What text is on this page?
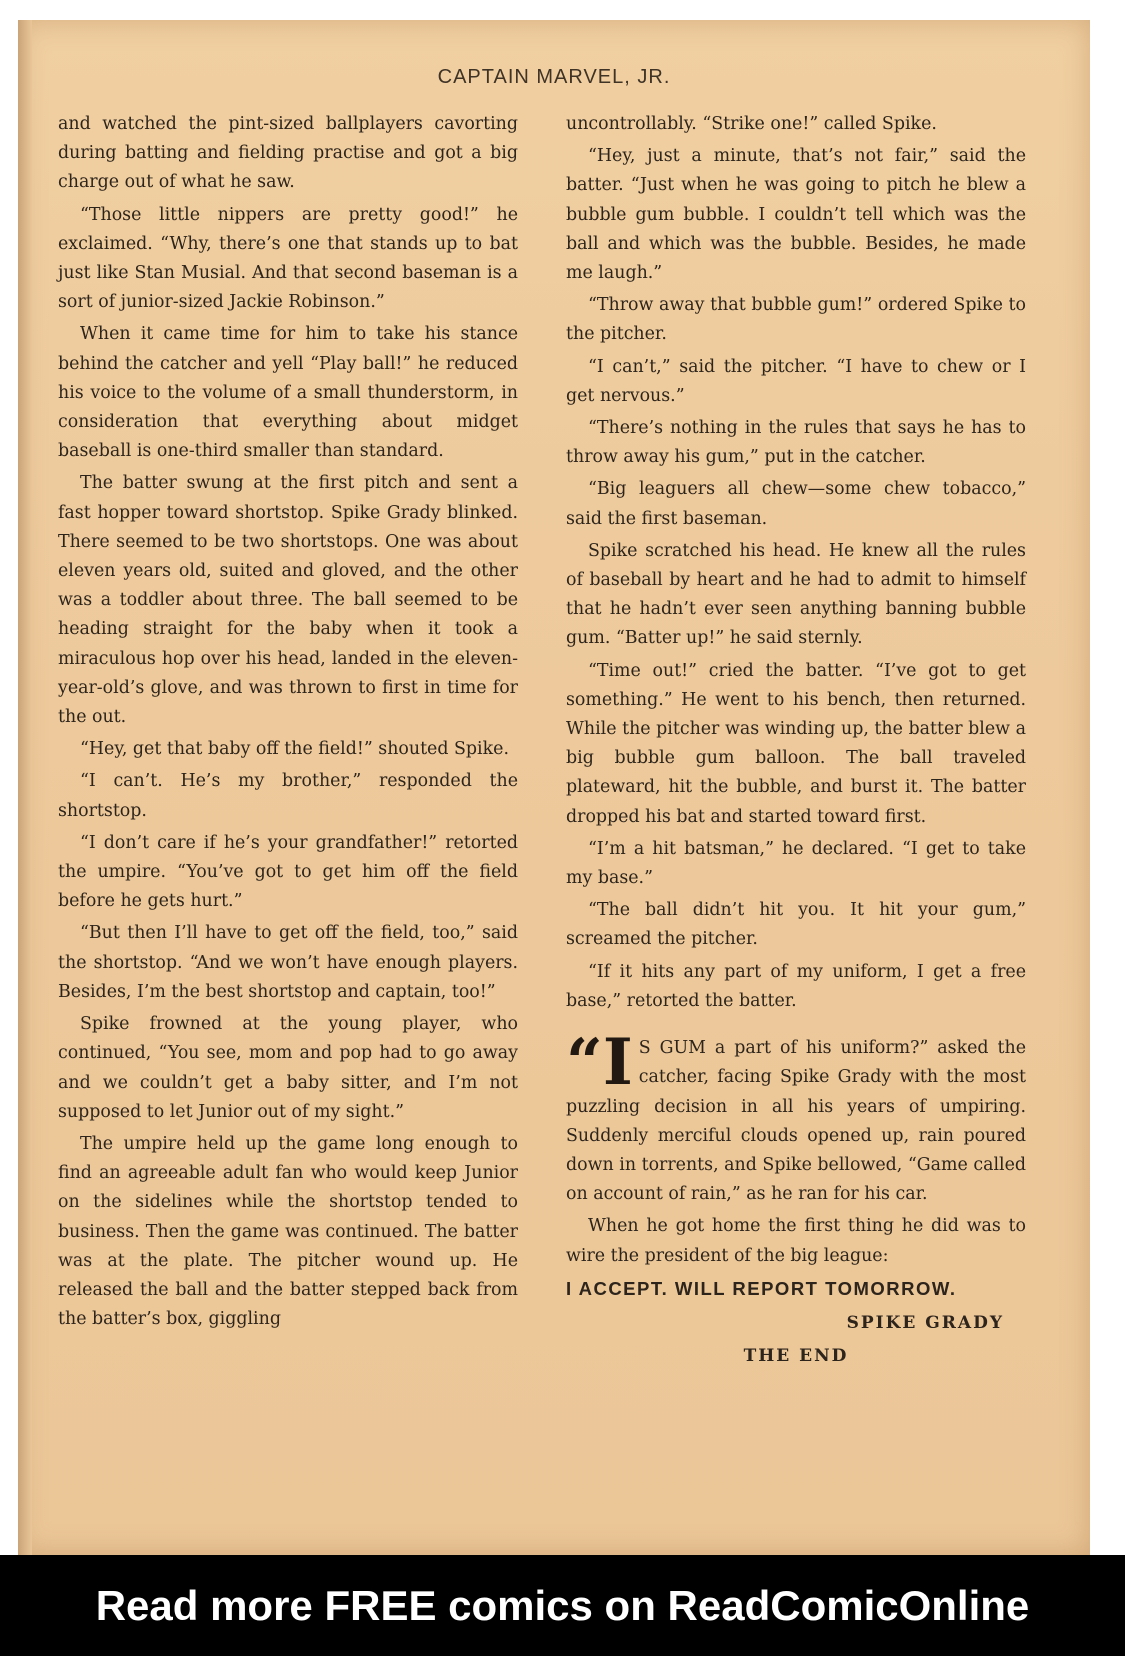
CAPTAIN MARVEL, JR.

and watched the pint-sized ballplayers cavorting during batting and fielding practise and got a big charge out of what he saw.

“Those little nippers are pretty good!” he exclaimed. “Why, there’s one that stands up to bat just like Stan Musial. And that second baseman is a sort of junior-sized Jackie Robinson.”

When it came time for him to take his stance behind the catcher and yell “Play ball!” he reduced his voice to the volume of a small thunderstorm, in consideration that everything about midget baseball is one-third smaller than standard.

The batter swung at the first pitch and sent a fast hopper toward shortstop. Spike Grady blinked. There seemed to be two shortstops. One was about eleven years old, suited and gloved, and the other was a toddler about three. The ball seemed to be heading straight for the baby when it took a miraculous hop over his head, landed in the eleven-year-old’s glove, and was thrown to first in time for the out.

“Hey, get that baby off the field!” shouted Spike.

“I can’t. He’s my brother,” responded the shortstop.

“I don’t care if he’s your grandfather!” retorted the umpire. “You’ve got to get him off the field before he gets hurt.”

“But then I’ll have to get off the field, too,” said the shortstop. “And we won’t have enough players. Besides, I’m the best shortstop and captain, too!”

Spike frowned at the young player, who continued, “You see, mom and pop had to go away and we couldn’t get a baby sitter, and I’m not supposed to let Junior out of my sight.”

The umpire held up the game long enough to find an agreeable adult fan who would keep Junior on the sidelines while the shortstop tended to business. Then the game was continued. The batter was at the plate. The pitcher wound up. He released the ball and the batter stepped back from the batter’s box, giggling

uncontrollably. “Strike one!” called Spike.

“Hey, just a minute, that’s not fair,” said the batter. “Just when he was going to pitch he blew a bubble gum bubble. I couldn’t tell which was the ball and which was the bubble. Besides, he made me laugh.”

“Throw away that bubble gum!” ordered Spike to the pitcher.

“I can’t,” said the pitcher. “I have to chew or I get nervous.”

“There’s nothing in the rules that says he has to throw away his gum,” put in the catcher.

“Big leaguers all chew—some chew tobacco,” said the first baseman.

Spike scratched his head. He knew all the rules of baseball by heart and he had to admit to himself that he hadn’t ever seen anything banning bubble gum. “Batter up!” he said sternly.

“Time out!” cried the batter. “I’ve got to get something.” He went to his bench, then returned. While the pitcher was winding up, the batter blew a big bubble gum balloon. The ball traveled plateward, hit the bubble, and burst it. The batter dropped his bat and started toward first.

“I’m a hit batsman,” he declared. “I get to take my base.”

“The ball didn’t hit you. It hit your gum,” screamed the pitcher.

“If it hits any part of my uniform, I get a free base,” retorted the batter.

“I S GUM a part of his uniform?” asked the catcher, facing Spike Grady with the most puzzling decision in all his years of umpiring. Suddenly merciful clouds opened up, rain poured down in torrents, and Spike bellowed, “Game called on account of rain,” as he ran for his car.

When he got home the first thing he did was to wire the president of the big league:

I ACCEPT. WILL REPORT TOMORROW.

SPIKE GRADY

THE END

Read more FREE comics on ReadComicOnline
